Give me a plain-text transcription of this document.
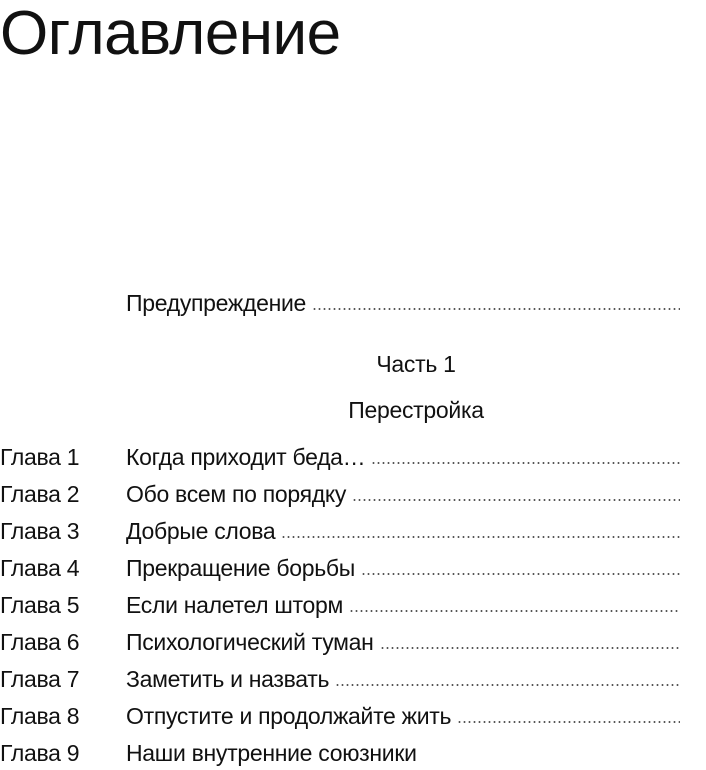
Оглавление
Предупреждение
Часть 1
Перестройка
Глава 1 Когда приходит беда…
Глава 2 Обо всем по порядку
Глава 3 Добрые слова
Глава 4 Прекращение борьбы
Глава 5 Если налетел шторм
Глава 6 Психологический туман
Глава 7 Заметить и назвать
Глава 8 Отпустите и продолжайте жить
Глава 9 Наши внутренние союзники
